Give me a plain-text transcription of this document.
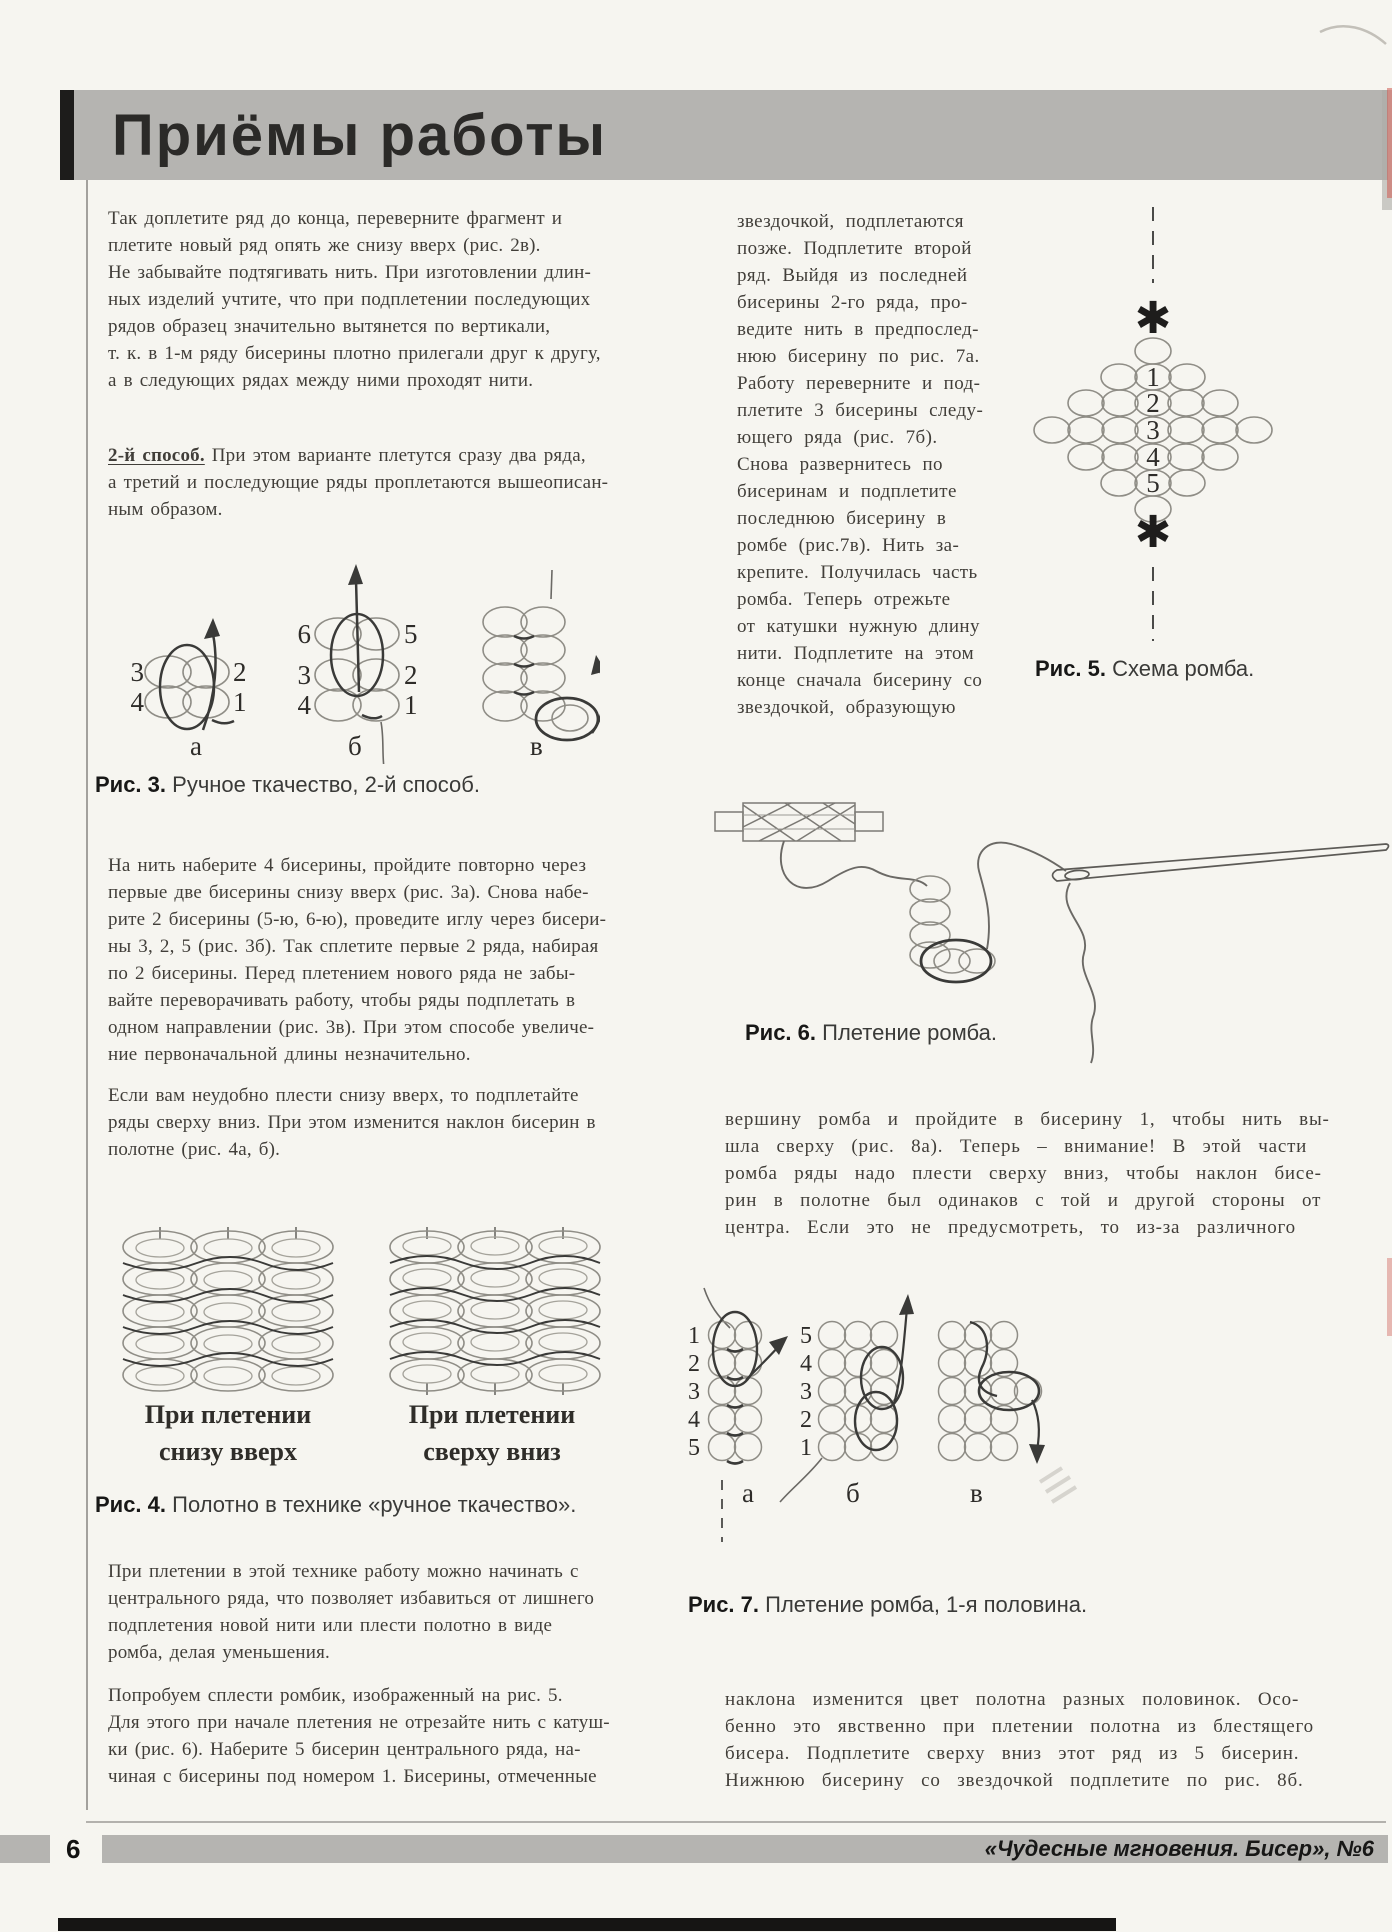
Приёмы работы
Так доплетите ряд до конца, переверните фрагмент и
плетите новый ряд опять же снизу вверх (рис. 2в).
Не забывайте подтягивать нить. При изготовлении длин-
ных изделий учтите, что при подплетении последующих
рядов образец значительно вытянется по вертикали,
т. к. в 1-м ряду бисерины плотно прилегали друг к другу,
а в следующих рядах между ними проходят нити.
2-й способ. При этом варианте плетутся сразу два ряда,
а третий и последующие ряды проплетаются вышеописан-
ным образом.
3
4
2
1
а
6
3
4
5
2
1
б	в
Рис. 3. Ручное ткачество, 2-й способ.
На нить наберите 4 бисерины, пройдите повторно через
первые две бисерины снизу вверх (рис. 3а). Снова набе-
рите 2 бисерины (5-ю, 6-ю), проведите иглу через бисери-
ны 3, 2, 5 (рис. 3б). Так сплетите первые 2 ряда, набирая
по 2 бисерины. Перед плетением нового ряда не забы-
вайте переворачивать работу, чтобы ряды подплетать в
одном направлении (рис. 3в). При этом способе увеличе-
ние первоначальной длины незначительно.
Если вам неудобно плести снизу вверх, то подплетайте
ряды сверху вниз. При этом изменится наклон бисерин в
полотне (рис. 4а, б).
При плетении
снизу вверх
При плетении
сверху вниз
Рис. 4. Полотно в технике «ручное ткачество».
При плетении в этой технике работу можно начинать с
центрального ряда, что позволяет избавиться от лишнего
подплетения новой нити или плести полотно в виде
ромба, делая уменьшения.
Попробуем сплести ромбик, изображенный на рис. 5.
Для этого при начале плетения не отрезайте нить с катуш-
ки (рис. 6). Наберите 5 бисерин центрального ряда, на-
чиная с бисерины под номером 1. Бисерины, отмеченные
звездочкой, подплетаются
позже. Подплетите второй
ряд. Выйдя из последней
бисерины 2-го ряда, про-
ведите нить в предпослед-
нюю бисерину по рис. 7а.
Работу переверните и под-
плетите 3 бисерины следу-
ющего ряда (рис. 7б).
Снова развернитесь по
бисеринам и подплетите
последнюю бисерину в
ромбе (рис.7в). Нить за-
крепите. Получилась часть
ромба. Теперь отрежьте
от катушки нужную длину
нити. Подплетите на этом
конце сначала бисерину со
звездочкой, образующую
✱
1
2
3
4
5
✱
Рис. 5. Схема ромба.
Рис. 6. Плетение ромба.
вершину ромба и пройдите в бисерину 1, чтобы нить вы-
шла сверху (рис. 8а). Теперь – внимание! В этой части
ромба ряды надо плести сверху вниз, чтобы наклон бисе-
рин в полотне был одинаков с той и другой стороны от
центра. Если это не предусмотреть, то из-за различного
1
2
3
4
5
а
5
4
3
2
1
б	в
Рис. 7. Плетение ромба, 1-я половина.
наклона изменится цвет полотна разных половинок. Осо-
бенно это явственно при плетении полотна из блестящего
бисера. Подплетите сверху вниз этот ряд из 5 бисерин.
Нижнюю бисерину со звездочкой подплетите по рис. 8б.
6	«Чудесные мгновения. Бисер», №6
